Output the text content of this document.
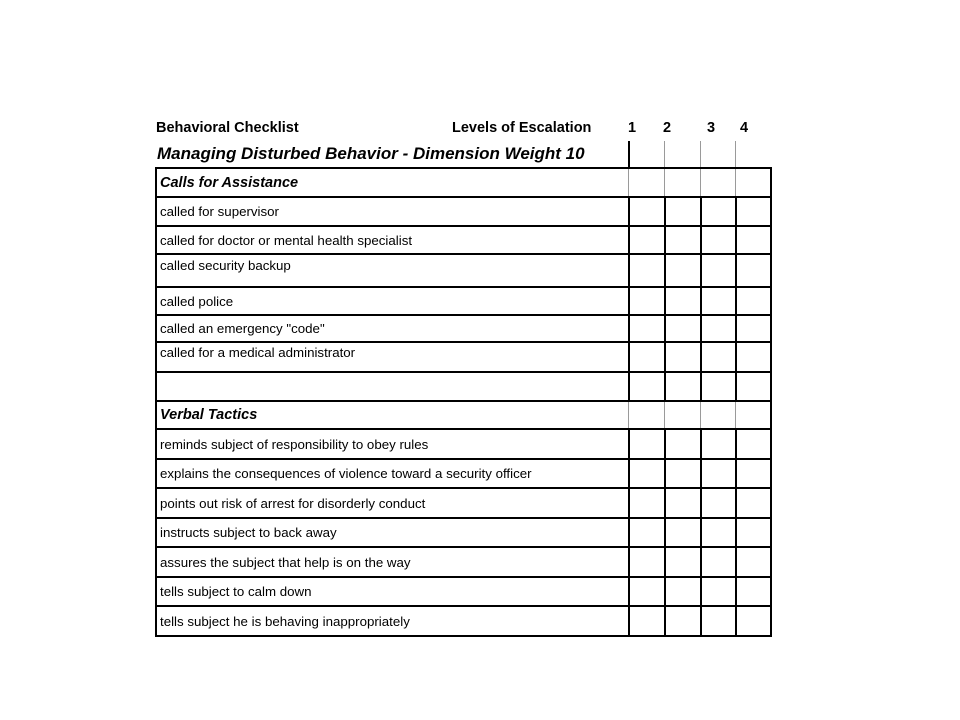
Behavioral Checklist	Levels of Escalation	1	2	3	4
Managing Disturbed Behavior - Dimension Weight 10
Calls for Assistance
called for supervisor
called for doctor or mental health specialist
called security backup
called police
called an emergency "code"
called for a medical administrator
Verbal Tactics
reminds subject of responsibility to obey rules
explains the consequences of violence toward a security officer
points out risk of arrest for disorderly conduct
instructs subject to back away
assures the subject that help is on the way
tells subject to calm down
tells subject he is behaving inappropriately
